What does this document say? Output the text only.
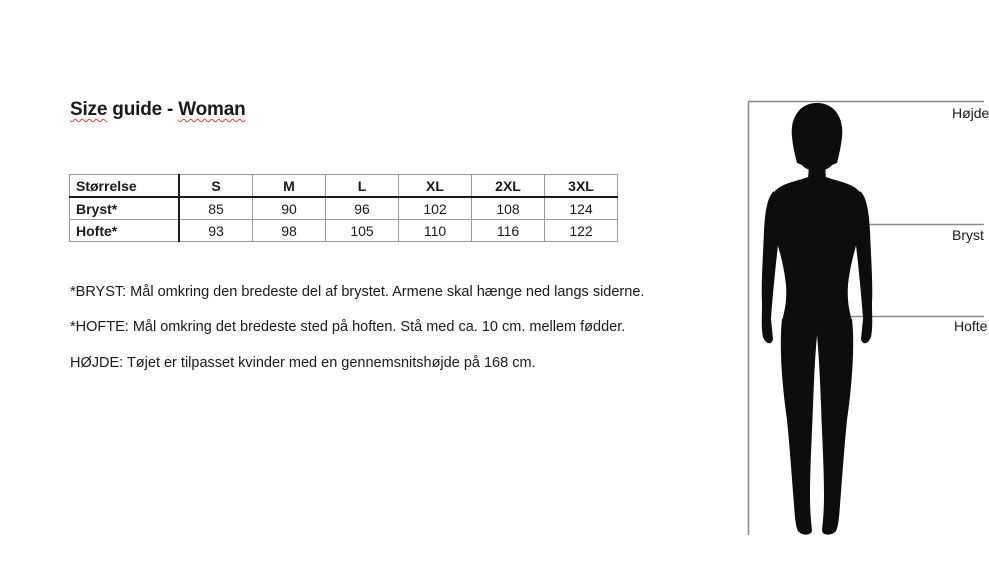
Size guide - Woman
Størrelse	S	M	L	XL	2XL	3XL
Bryst*	85	90	96	102	108	124
Hofte*	93	98	105	110	116	122
*BRYST: Mål omkring den bredeste del af brystet. Armene skal hænge ned langs siderne.
*HOFTE: Mål omkring det bredeste sted på hoften. Stå med ca. 10 cm. mellem fødder.
HØJDE: Tøjet er tilpasset kvinder med en gennemsnitshøjde på 168 cm.
Højde
Bryst
Hofte
